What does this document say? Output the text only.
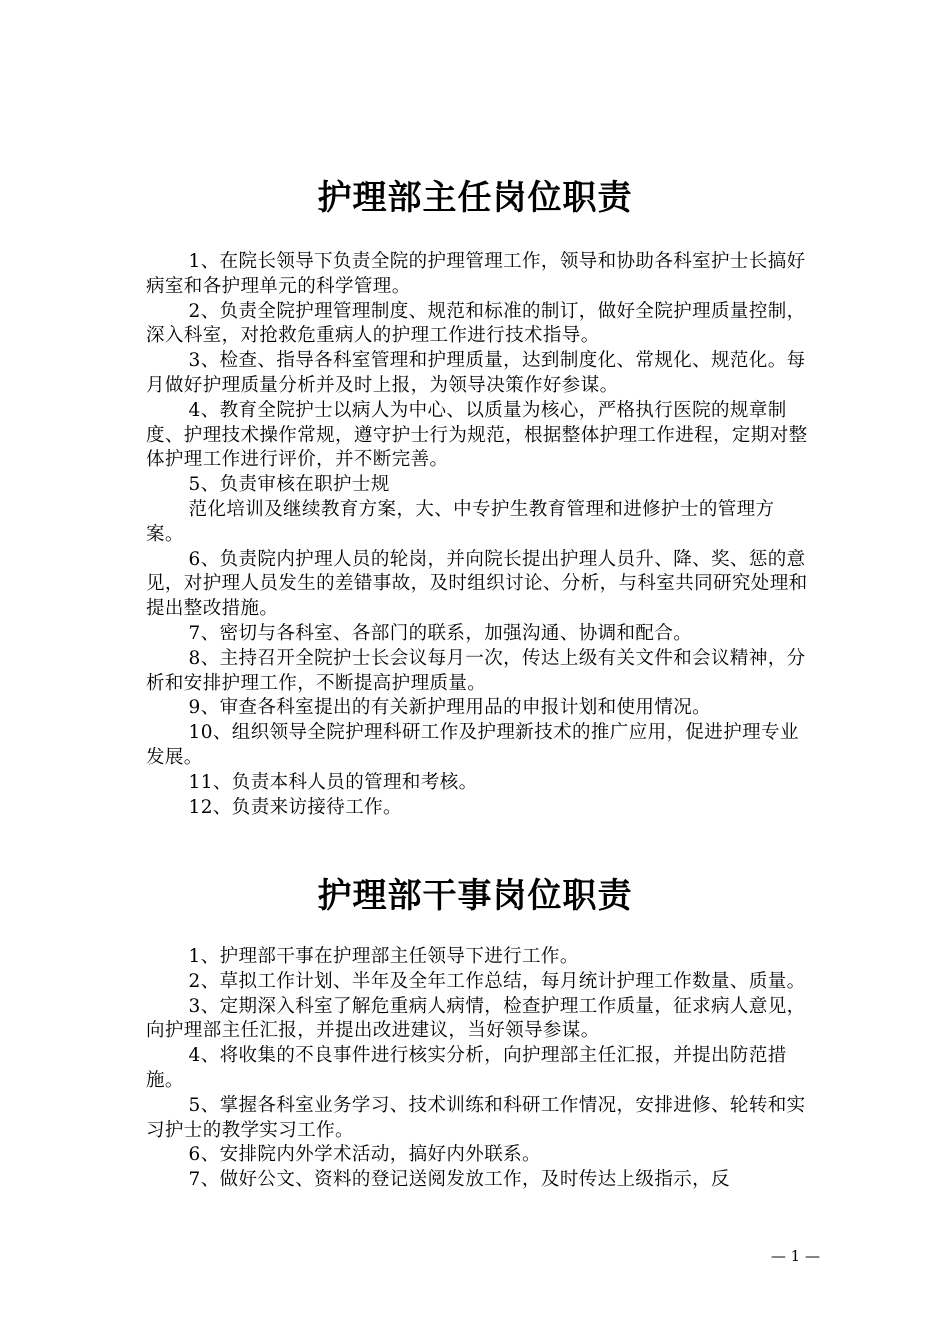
护理部主任岗位职责

1、在院长领导下负责全院的护理管理工作，领导和协助各科室护士长搞好病室和各护理单元的科学管理。

2、负责全院护理管理制度、规范和标准的制订，做好全院护理质量控制，深入科室，对抢救危重病人的护理工作进行技术指导。

3、检查、指导各科室管理和护理质量，达到制度化、常规化、规范化。每月做好护理质量分析并及时上报，为领导决策作好参谋。

4、教育全院护士以病人为中心、以质量为核心，严格执行医院的规章制度、护理技术操作常规，遵守护士行为规范，根据整体护理工作进程，定期对整体护理工作进行评价，并不断完善。

5、负责审核在职护士规

范化培训及继续教育方案，大、中专护生教育管理和进修护士的管理方案。

6、负责院内护理人员的轮岗，并向院长提出护理人员升、降、奖、惩的意见，对护理人员发生的差错事故，及时组织讨论、分析，与科室共同研究处理和提出整改措施。

7、密切与各科室、各部门的联系，加强沟通、协调和配合。

8、主持召开全院护士长会议每月一次，传达上级有关文件和会议精神，分析和安排护理工作，不断提高护理质量。

9、审查各科室提出的有关新护理用品的申报计划和使用情况。

10、组织领导全院护理科研工作及护理新技术的推广应用，促进护理专业发展。

11、负责本科人员的管理和考核。

12、负责来访接待工作。

护理部干事岗位职责

1、护理部干事在护理部主任领导下进行工作。

2、草拟工作计划、半年及全年工作总结，每月统计护理工作数量、质量。

3、定期深入科室了解危重病人病情，检查护理工作质量，征求病人意见，向护理部主任汇报，并提出改进建议，当好领导参谋。

4、将收集的不良事件进行核实分析，向护理部主任汇报，并提出防范措施。

5、掌握各科室业务学习、技术训练和科研工作情况，安排进修、轮转和实习护士的教学实习工作。

6、安排院内外学术活动，搞好内外联系。

7、做好公文、资料的登记送阅发放工作，及时传达上级指示，反

— 1 —
